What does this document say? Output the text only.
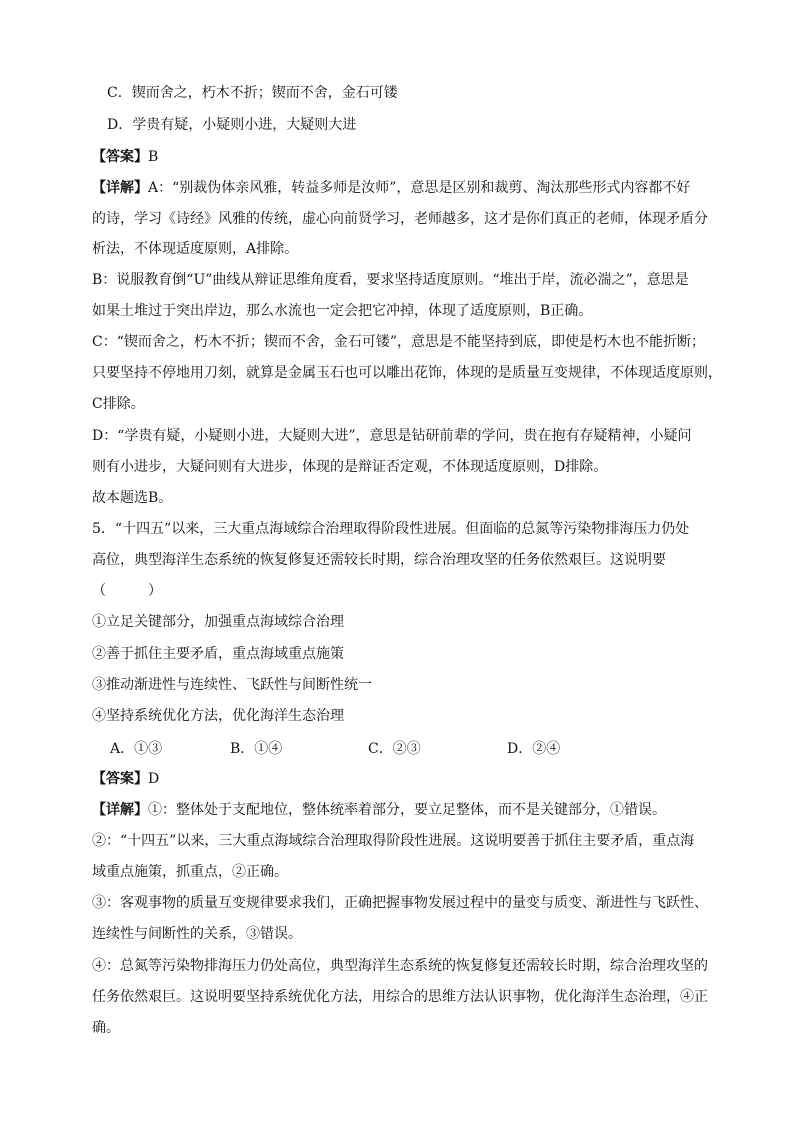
C．锲而舍之，朽木不折；锲而不舍，金石可镂
D．学贵有疑，小疑则小进，大疑则大进
【答案】B
【详解】A：“别裁伪体亲风雅，转益多师是汝师”，意思是区别和裁剪、淘汰那些形式内容都不好
的诗，学习《诗经》风雅的传统，虚心向前贤学习，老师越多，这才是你们真正的老师，体现矛盾分
析法，不体现适度原则，A排除。
B：说服教育倒“U”曲线从辩证思维角度看，要求坚持适度原则。“堆出于岸，流必湍之”，意思是
如果土堆过于突出岸边，那么水流也一定会把它冲掉，体现了适度原则，B正确。
C：“锲而舍之，朽木不折；锲而不舍，金石可镂”，意思是不能坚持到底，即使是朽木也不能折断；
只要坚持不停地用刀刻，就算是金属玉石也可以雕出花饰，体现的是质量互变规律，不体现适度原则，
C排除。
D：“学贵有疑，小疑则小进，大疑则大进”，意思是钻研前辈的学问，贵在抱有存疑精神，小疑问
则有小进步，大疑问则有大进步，体现的是辩证否定观，不体现适度原则，D排除。
故本题选B。
5．“十四五”以来，三大重点海域综合治理取得阶段性进展。但面临的总氮等污染物排海压力仍处
高位，典型海洋生态系统的恢复修复还需较长时期，综合治理攻坚的任务依然艰巨。这说明要
（　　　）
①立足关键部分，加强重点海域综合治理
②善于抓住主要矛盾，重点海域重点施策
③推动渐进性与连续性、飞跃性与间断性统一
④坚持系统优化方法，优化海洋生态治理
A．①③	B．①④	C．②③	D．②④
【答案】D
【详解】①：整体处于支配地位，整体统率着部分，要立足整体，而不是关键部分，①错误。
②：“十四五”以来，三大重点海域综合治理取得阶段性进展。这说明要善于抓住主要矛盾，重点海
域重点施策，抓重点，②正确。
③：客观事物的质量互变规律要求我们，正确把握事物发展过程中的量变与质变、渐进性与飞跃性、
连续性与间断性的关系，③错误。
④：总氮等污染物排海压力仍处高位，典型海洋生态系统的恢复修复还需较长时期，综合治理攻坚的
任务依然艰巨。这说明要坚持系统优化方法，用综合的思维方法认识事物，优化海洋生态治理，④正
确。
